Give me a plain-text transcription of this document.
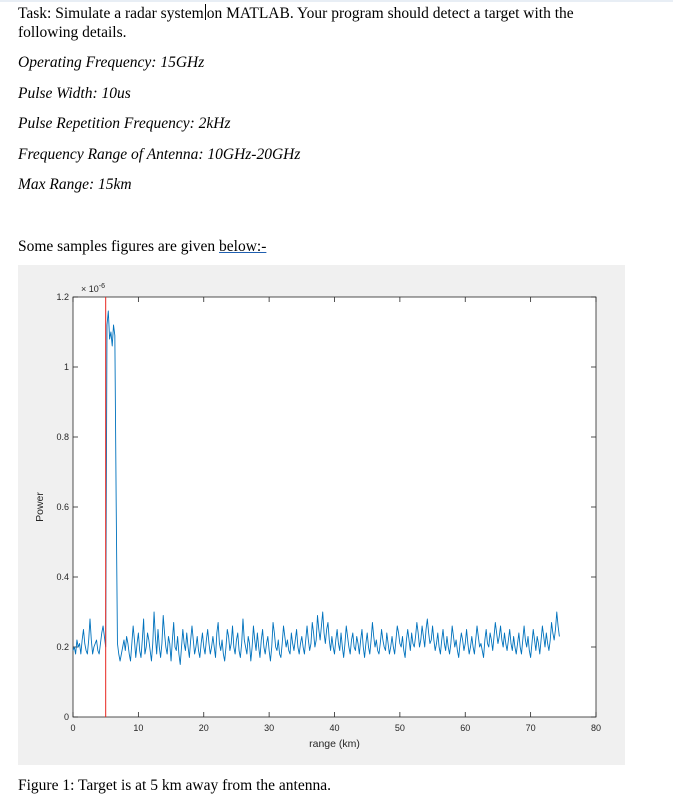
Task: Simulate a radar system on MATLAB. Your program should detect a target with the
following details.
Operating Frequency: 15GHz
Pulse Width: 10us
Pulse Repetition Frequency: 2kHz
Frequency Range of Antenna: 10GHz-20GHz
Max Range: 15km
Some samples figures are given below:-
0	10	20	30	40	50	60	70	80
0
0.2
0.4
0.6
0.8
1
1.2
× $10^{-6}$
range (km)
Power
Figure 1: Target is at 5 km away from the antenna.
